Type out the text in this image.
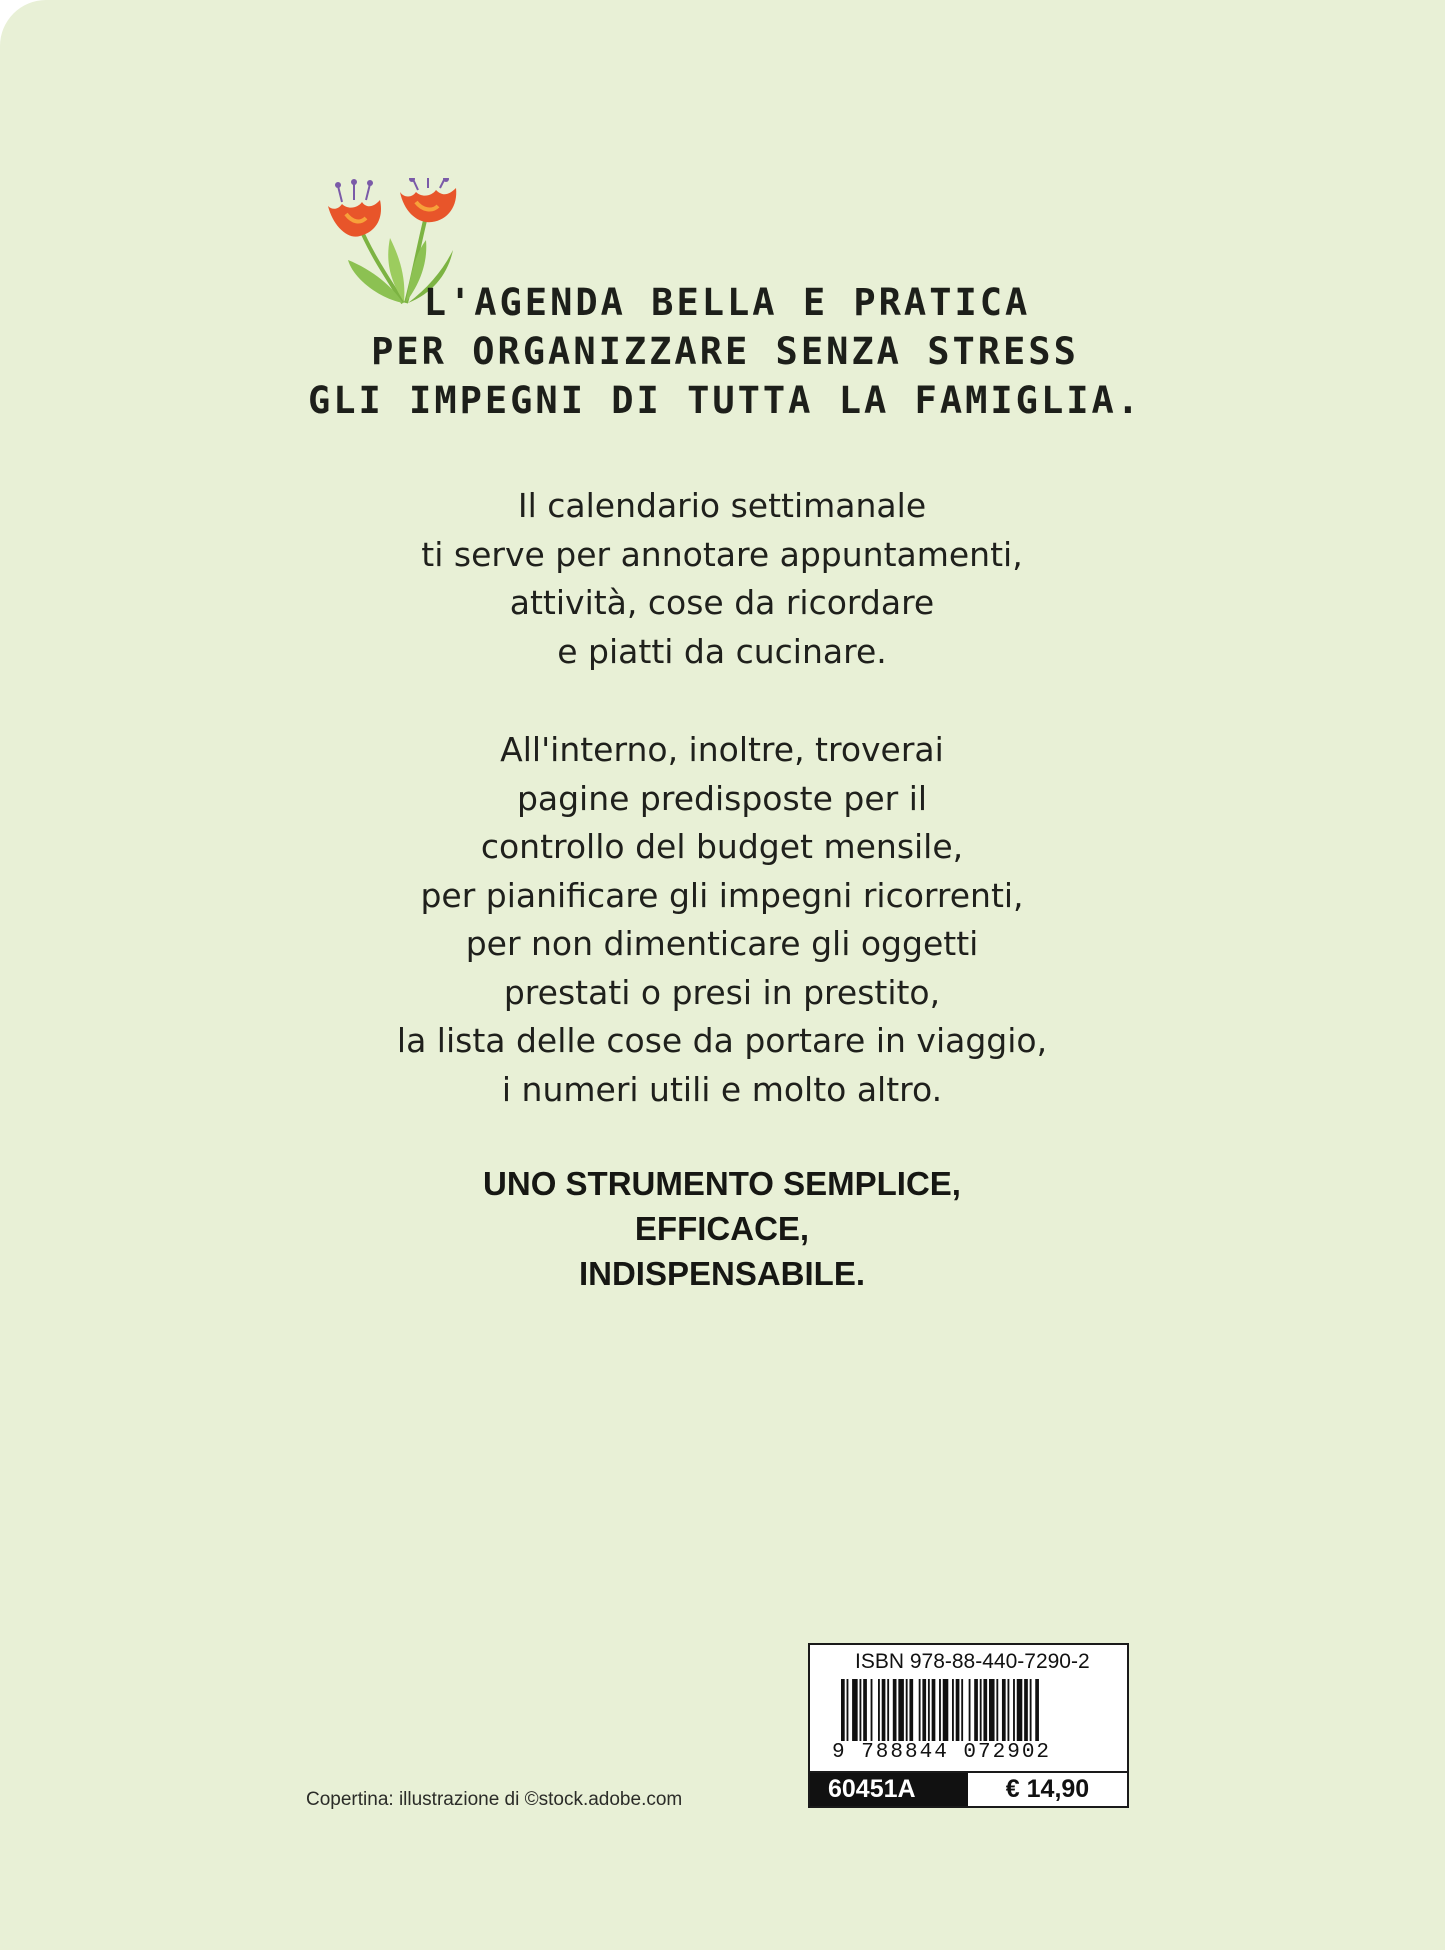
L'AGENDA BELLA E PRATICA
PER ORGANIZZARE SENZA STRESS
GLI IMPEGNI DI TUTTA LA FAMIGLIA.
Il calendario settimanale
ti serve per annotare appuntamenti,
attività, cose da ricordare
e piatti da cucinare.
All'interno, inoltre, troverai
pagine predisposte per il
controllo del budget mensile,
per pianificare gli impegni ricorrenti,
per non dimenticare gli oggetti
prestati o presi in prestito,
la lista delle cose da portare in viaggio,
i numeri utili e molto altro.
UNO STRUMENTO SEMPLICE,
EFFICACE,
INDISPENSABILE.
Copertina: illustrazione di ©stock.adobe.com
ISBN 978-88-440-7290-2
9 788844 072902
60451A	€ 14,90
